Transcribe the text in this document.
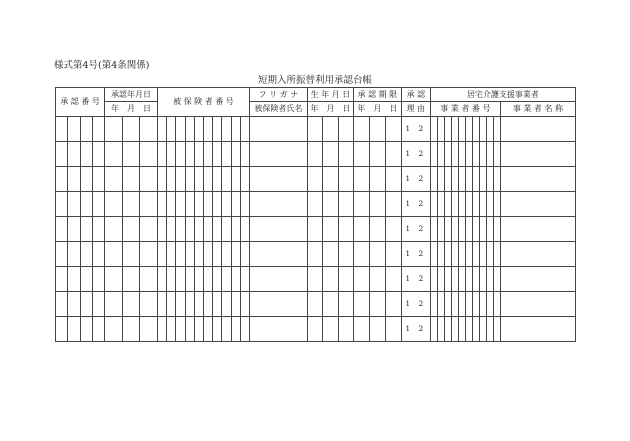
様式第4号(第4条関係)
短期入所振替利用承認台帳
承 認 番 号				承認年月日			被 保 険 者 番 号										フ リ ガ ナ	生 年 月 日			承 認 期 限			承 認	居宅介護支援事業者										
				年　月　日													被保険者氏名	年　月　日			年　月　日			理 由	事 業 者 番 号										事 業 者 名 称
																								1 2											
																								1 2											
																								1 2											
																								1 2											
																								1 2											
																								1 2											
																								1 2											
																								1 2											
																								1 2											
